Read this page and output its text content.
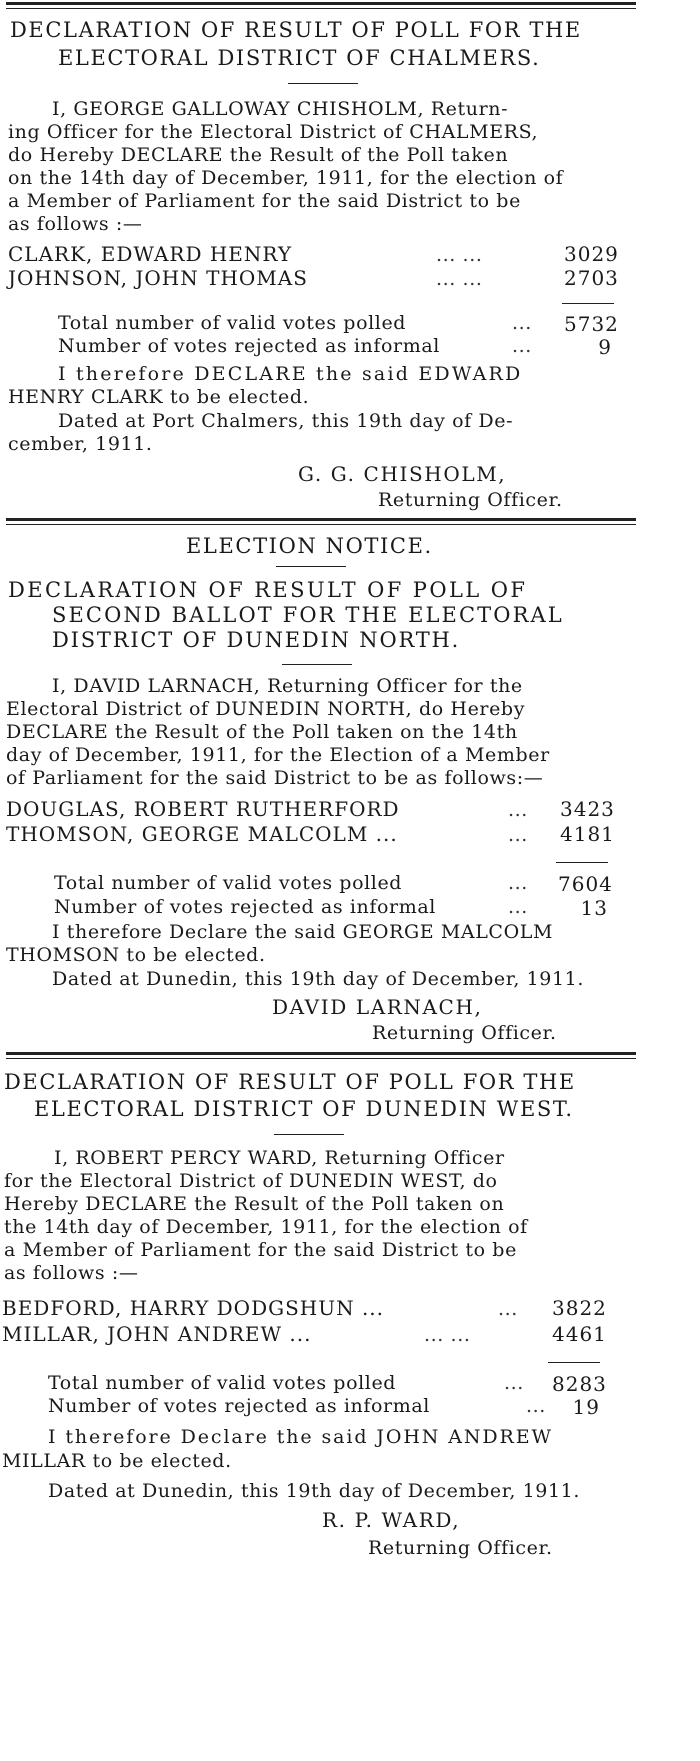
DECLARATION OF RESULT OF POLL FOR THE
ELECTORAL DISTRICT OF CHALMERS.
I, GEORGE GALLOWAY CHISHOLM, Return-
ing Officer for the Electoral District of CHALMERS,
do Hereby DECLARE the Result of the Poll taken
on the 14th day of December, 1911, for the election of
a Member of Parliament for the said District to be
as follows :—
CLARK, EDWARD HENRY	... ...	3029
JOHNSON, JOHN THOMAS	... ...	2703
Total number of valid votes polled	... 5732
Number of votes rejected as informal	...	9
I therefore DECLARE the said EDWARD
HENRY CLARK to be elected.
Dated at Port Chalmers, this 19th day of De-
cember, 1911.
G. G. CHISHOLM,
Returning Officer.
ELECTION NOTICE.
DECLARATION OF RESULT OF POLL OF
SECOND BALLOT FOR THE ELECTORAL
DISTRICT OF DUNEDIN NORTH.
I, DAVID LARNACH, Returning Officer for the
Electoral District of DUNEDIN NORTH, do Hereby
DECLARE the Result of the Poll taken on the 14th
day of December, 1911, for the Election of a Member
of Parliament for the said District to be as follows:—
DOUGLAS, ROBERT RUTHERFORD	... 3423
THOMSON, GEORGE MALCOLM ...	... 4181
Total number of valid votes polled	... 7604
Number of votes rejected as informal	...	13
I therefore Declare the said GEORGE MALCOLM
THOMSON to be elected.
Dated at Dunedin, this 19th day of December, 1911.
DAVID LARNACH,
Returning Officer.
DECLARATION OF RESULT OF POLL FOR THE
ELECTORAL DISTRICT OF DUNEDIN WEST.
I, ROBERT PERCY WARD, Returning Officer
for the Electoral District of DUNEDIN WEST, do
Hereby DECLARE the Result of the Poll taken on
the 14th day of December, 1911, for the election of
a Member of Parliament for the said District to be
as follows :—
BEDFORD, HARRY DODGSHUN ...	... 3822
MILLAR, JOHN ANDREW ...	... ...	4461
Total number of valid votes polled	... 8283
Number of votes rejected as informal	...	19
I therefore Declare the said JOHN ANDREW
MILLAR to be elected.
Dated at Dunedin, this 19th day of December, 1911.
R. P. WARD,
Returning Officer.
